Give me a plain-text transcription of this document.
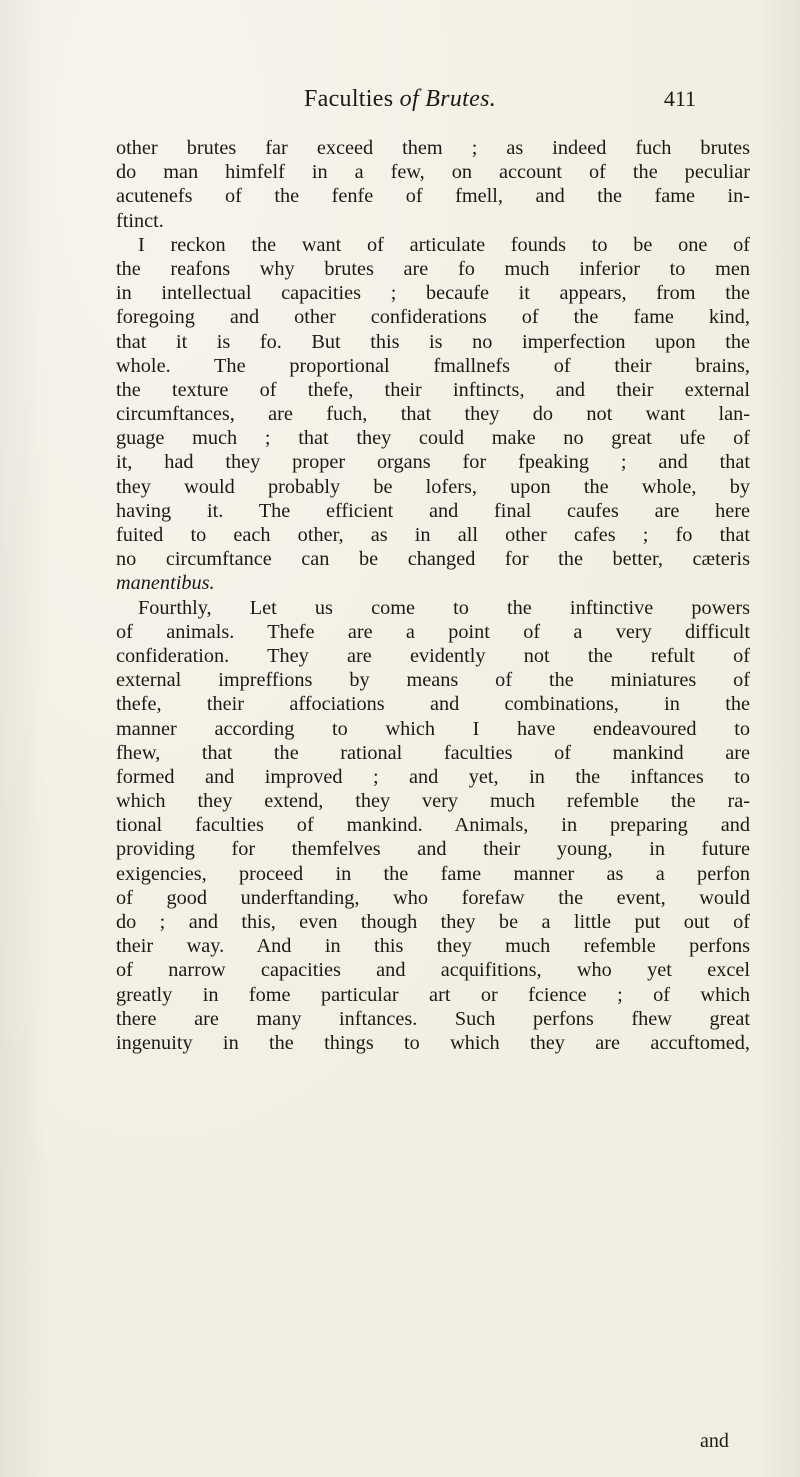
Faculties of Brutes.	411
other brutes far exceed them ; as indeed fuch brutes
do man himfelf in a few, on account of the peculiar
acutenefs of the fenfe of fmell, and the fame in-
ftinct.
I reckon the want of articulate founds to be one of
the reafons why brutes are fo much inferior to men
in intellectual capacities ; becaufe it appears, from the
foregoing and other confiderations of the fame kind,
that it is fo. But this is no imperfection upon the
whole. The proportional fmallnefs of their brains,
the texture of thefe, their inftincts, and their external
circumftances, are fuch, that they do not want lan-
guage much ; that they could make no great ufe of
it, had they proper organs for fpeaking ; and that
they would probably be lofers, upon the whole, by
having it. The efficient and final caufes are here
fuited to each other, as in all other cafes ; fo that
no circumftance can be changed for the better, cæteris
manentibus.
Fourthly, Let us come to the inftinctive powers
of animals. Thefe are a point of a very difficult
confideration. They are evidently not the refult of
external impreffions by means of the miniatures of
thefe, their affociations and combinations, in the
manner according to which I have endeavoured to
fhew, that the rational faculties of mankind are
formed and improved ; and yet, in the inftances to
which they extend, they very much refemble the ra-
tional faculties of mankind. Animals, in preparing and
providing for themfelves and their young, in future
exigencies, proceed in the fame manner as a perfon
of good underftanding, who forefaw the event, would
do ; and this, even though they be a little put out of
their way. And in this they much refemble perfons
of narrow capacities and acquifitions, who yet excel
greatly in fome particular art or fcience ; of which
there are many inftances. Such perfons fhew great
ingenuity in the things to which they are accuftomed,
and
